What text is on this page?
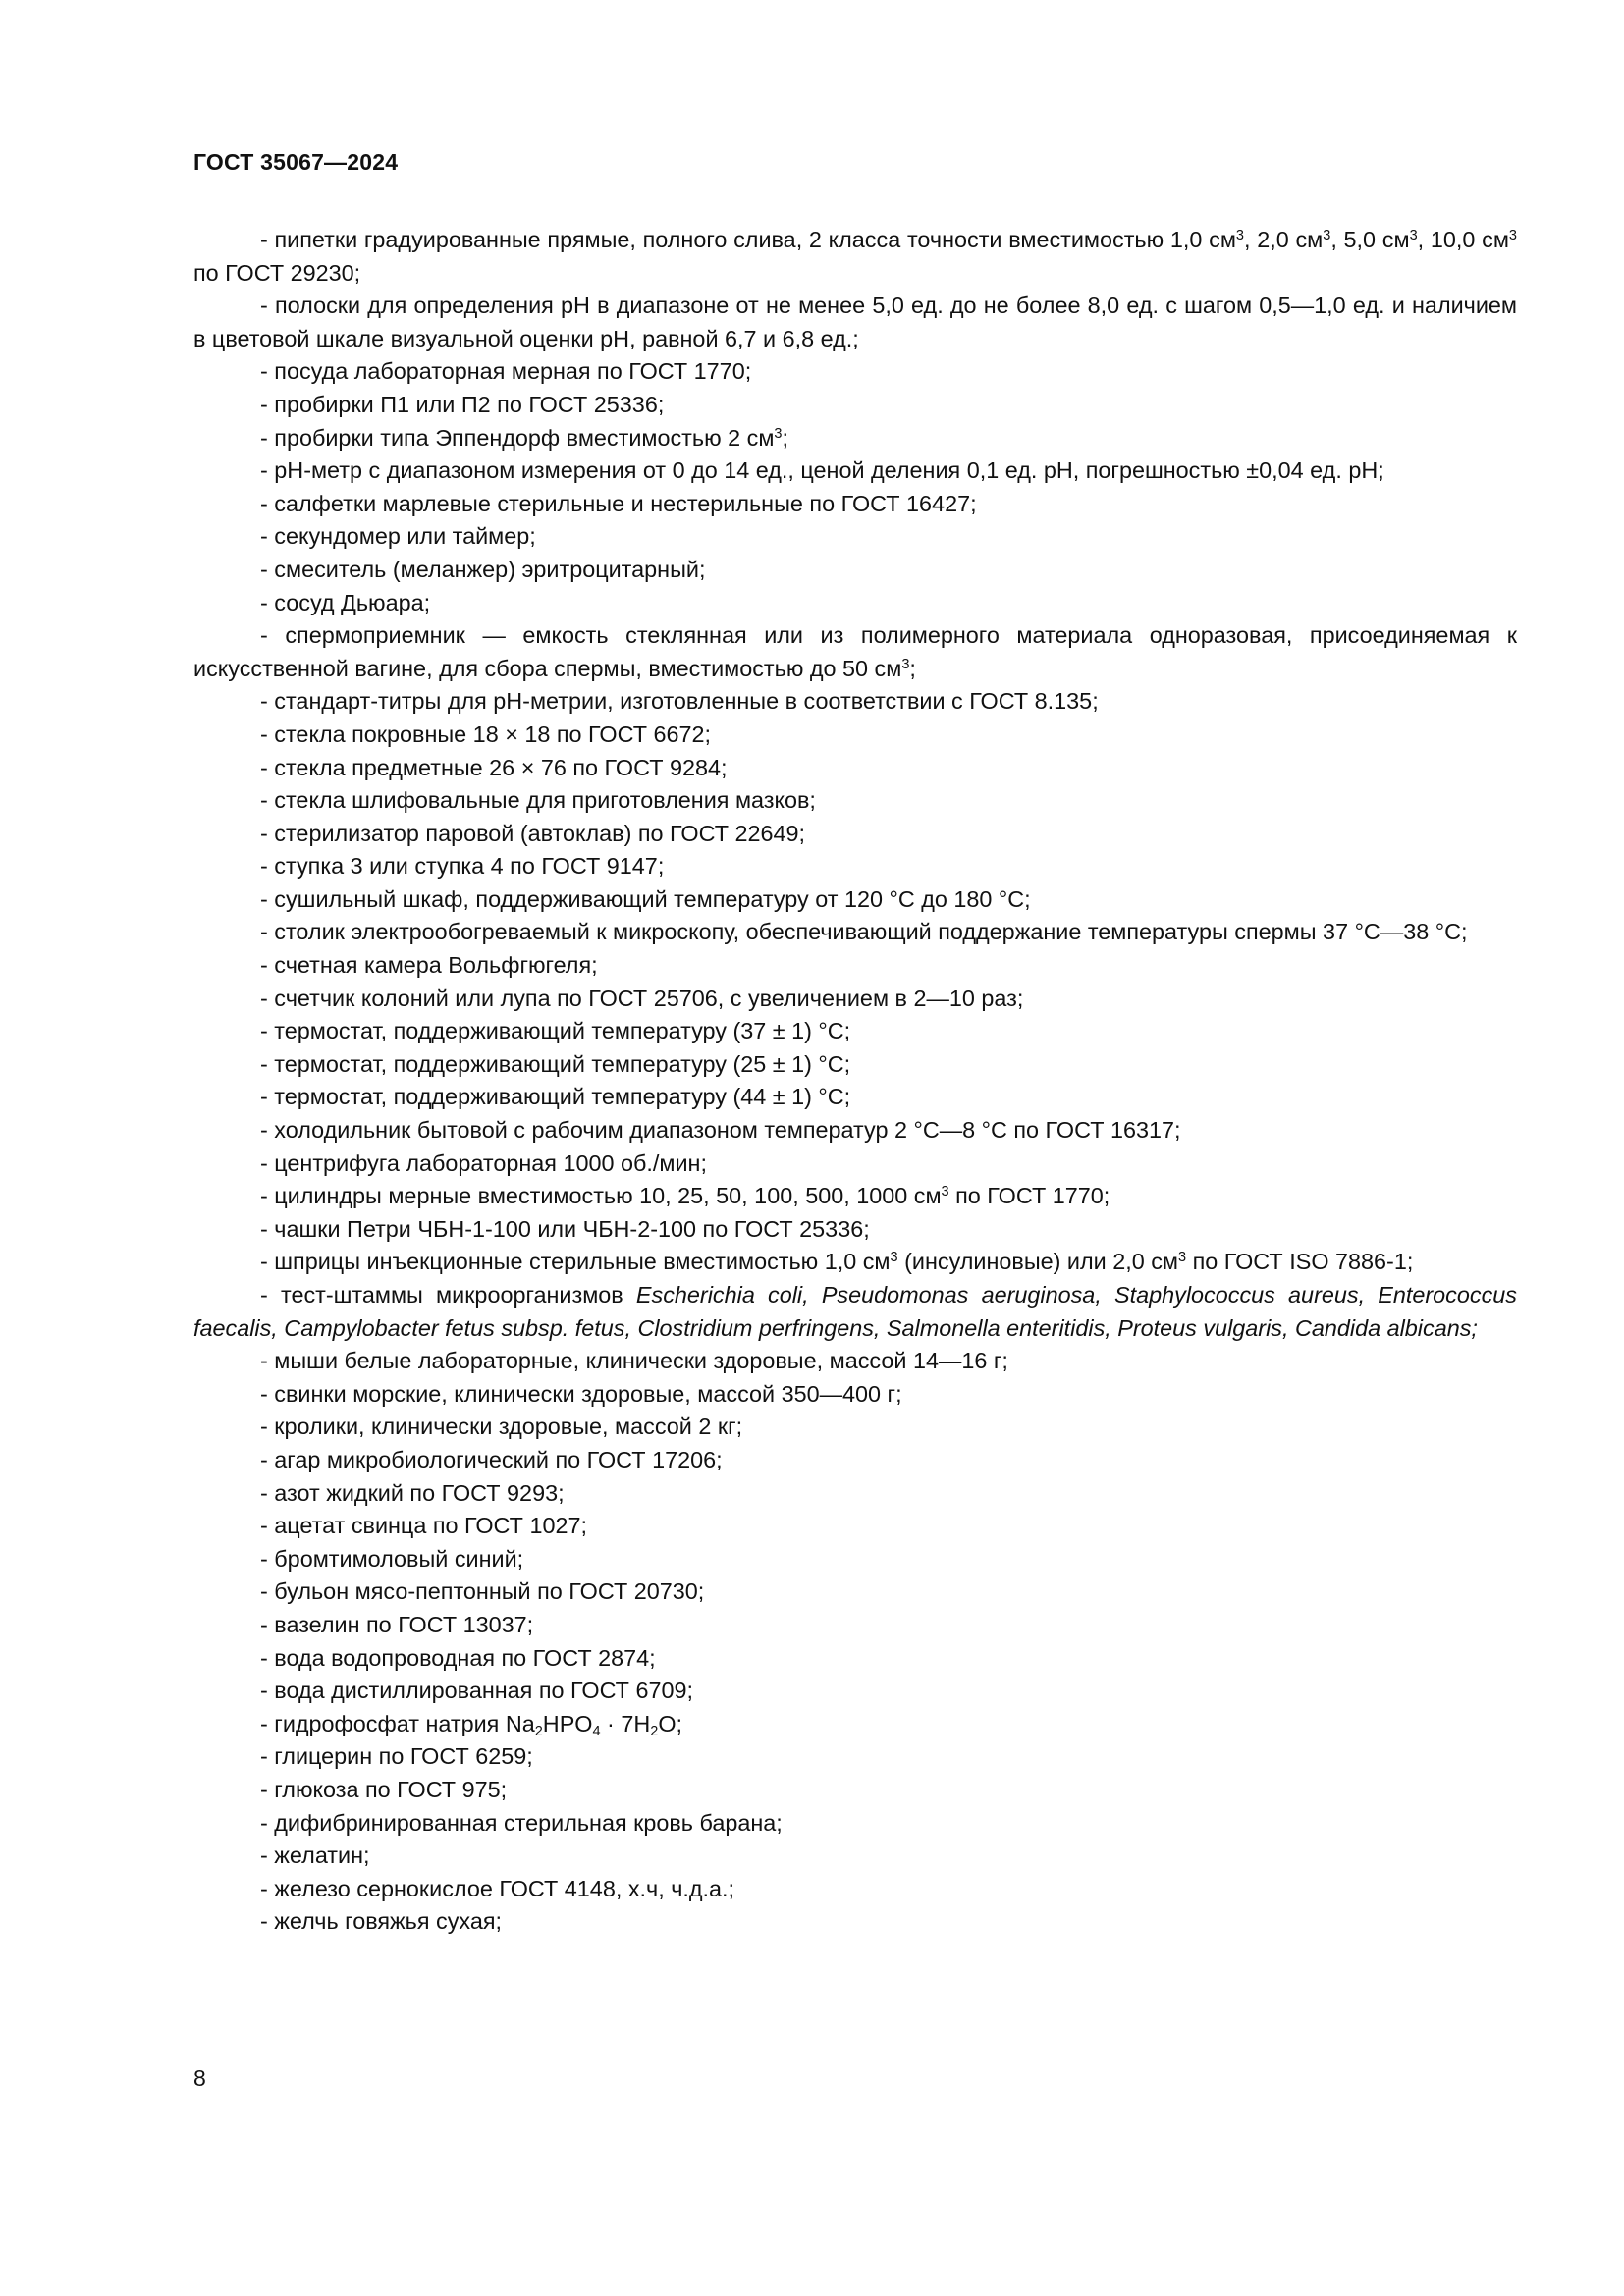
ГОСТ 35067—2024

- пипетки градуированные прямые, полного слива, 2 класса точности вместимостью 1,0 $см^3$, 2,0 $см^3$, 5,0 $см^3$, 10,0 $см^3$ по ГОСТ 29230;

- полоски для определения рН в диапазоне от не менее 5,0 ед. до не более 8,0 ед. с шагом 0,5—1,0 ед. и наличием в цветовой шкале визуальной оценки рН, равной 6,7 и 6,8 ед.;

- посуда лабораторная мерная по ГОСТ 1770;

- пробирки П1 или П2 по ГОСТ 25336;

- пробирки типа Эппендорф вместимостью 2 $см^3$;

- рН-метр с диапазоном измерения от 0 до 14 ед., ценой деления 0,1 ед. рН, погрешностью ±0,04 ед. рН;

- салфетки марлевые стерильные и нестерильные по ГОСТ 16427;

- секундомер или таймер;

- смеситель (меланжер) эритроцитарный;

- сосуд Дьюара;

- спермоприемник — емкость стеклянная или из полимерного материала одноразовая, присоединяемая к искусственной вагине, для сбора спермы, вместимостью до 50 $см^3$;

- стандарт-титры для рН-метрии, изготовленные в соответствии с ГОСТ 8.135;

- стекла покровные 18 × 18 по ГОСТ 6672;

- стекла предметные 26 × 76 по ГОСТ 9284;

- стекла шлифовальные для приготовления мазков;

- стерилизатор паровой (автоклав) по ГОСТ 22649;

- ступка 3 или ступка 4 по ГОСТ 9147;

- сушильный шкаф, поддерживающий температуру от 120 °С до 180 °С;

- столик электрообогреваемый к микроскопу, обеспечивающий поддержание температуры спермы 37 °С—38 °С;

- счетная камера Вольфгюгеля;

- счетчик колоний или лупа по ГОСТ 25706, с увеличением в 2—10 раз;

- термостат, поддерживающий температуру (37 ± 1) °С;

- термостат, поддерживающий температуру (25 ± 1) °С;

- термостат, поддерживающий температуру (44 ± 1) °С;

- холодильник бытовой с рабочим диапазоном температур 2 °С—8 °С по ГОСТ 16317;

- центрифуга лабораторная 1000 об./мин;

- цилиндры мерные вместимостью 10, 25, 50, 100, 500, 1000 $см^3$ по ГОСТ 1770;

- чашки Петри ЧБН-1-100 или ЧБН-2-100 по ГОСТ 25336;

- шприцы инъекционные стерильные вместимостью 1,0 $см^3$ (инсулиновые) или 2,0 $см^3$ по ГОСТ ISO 7886-1;

- тест-штаммы микроорганизмов Escherichia coli, Pseudomonas aeruginosa, Staphylococcus aureus, Enterococcus faecalis, Campylobacter fetus subsp. fetus, Clostridium perfringens, Salmonella enteritidis, Proteus vulgaris, Candida albicans;

- мыши белые лабораторные, клинически здоровые, массой 14—16 г;

- свинки морские, клинически здоровые, массой 350—400 г;

- кролики, клинически здоровые, массой 2 кг;

- агар микробиологический по ГОСТ 17206;

- азот жидкий по ГОСТ 9293;

- ацетат свинца по ГОСТ 1027;

- бромтимоловый синий;

- бульон мясо-пептонный по ГОСТ 20730;

- вазелин по ГОСТ 13037;

- вода водопроводная по ГОСТ 2874;

- вода дистиллированная по ГОСТ 6709;

- гидрофосфат натрия $Na_2HPO_4 \cdot 7H_2O$;

- глицерин по ГОСТ 6259;

- глюкоза по ГОСТ 975;

- дифибринированная стерильная кровь барана;

- желатин;

- железо сернокислое ГОСТ 4148, х.ч, ч.д.а.;

- желчь говяжья сухая;

8
